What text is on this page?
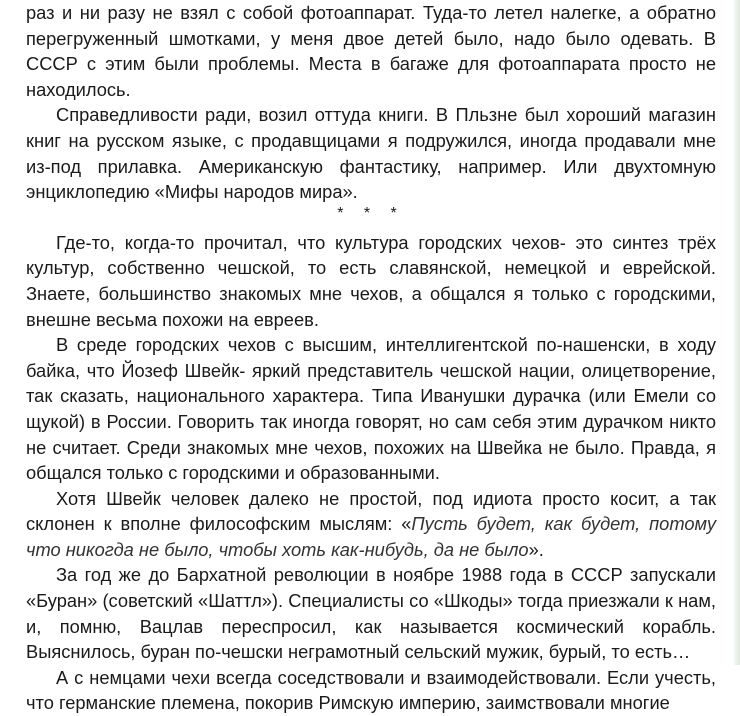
раз и ни разу не взял с собой фотоаппарат. Туда-то летел налегке, а обратно перегруженный шмотками, у меня двое детей было, надо было одевать. В СССР с этим были проблемы. Места в багаже для фотоаппарата просто не находилось.

Справедливости ради, возил оттуда книги. В Пльзне был хороший магазин книг на русском языке, с продавщицами я подружился, иногда продавали мне из-под прилавка. Американскую фантастику, например. Или двухтомную энциклопедию «Мифы народов мира».

* * *

Где-то, когда-то прочитал, что культура городских чехов- это синтез трёх культур, собственно чешской, то есть славянской, немецкой и еврейской. Знаете, большинство знакомых мне чехов, а общался я только с городскими, внешне весьма похожи на евреев.

В среде городских чехов с высшим, интеллигентской по-нашенски, в ходу байка, что Йозеф Швейк- яркий представитель чешской нации, олицетворение, так сказать, национального характера. Типа Иванушки дурачка (или Емели со щукой) в России. Говорить так иногда говорят, но сам себя этим дурачком никто не считает. Среди знакомых мне чехов, похожих на Швейка не было. Правда, я общался только с городскими и образованными.

Хотя Швейк человек далеко не простой, под идиота просто косит, а так склонен к вполне философским мыслям: «Пусть будет, как будет, потому что никогда не было, чтобы хоть как-нибудь, да не было».

За год же до Бархатной революции в ноябре 1988 года в СССР запускали «Буран» (советский «Шаттл»). Специалисты со «Шкоды» тогда приезжали к нам, и, помню, Вацлав переспросил, как называется космический корабль. Выяснилось, буран по-чешски неграмотный сельский мужик, бурый, то есть…

А с немцами чехи всегда соседствовали и взаимодействовали. Если учесть, что германские племена, покорив Римскую империю, заимствовали многие
